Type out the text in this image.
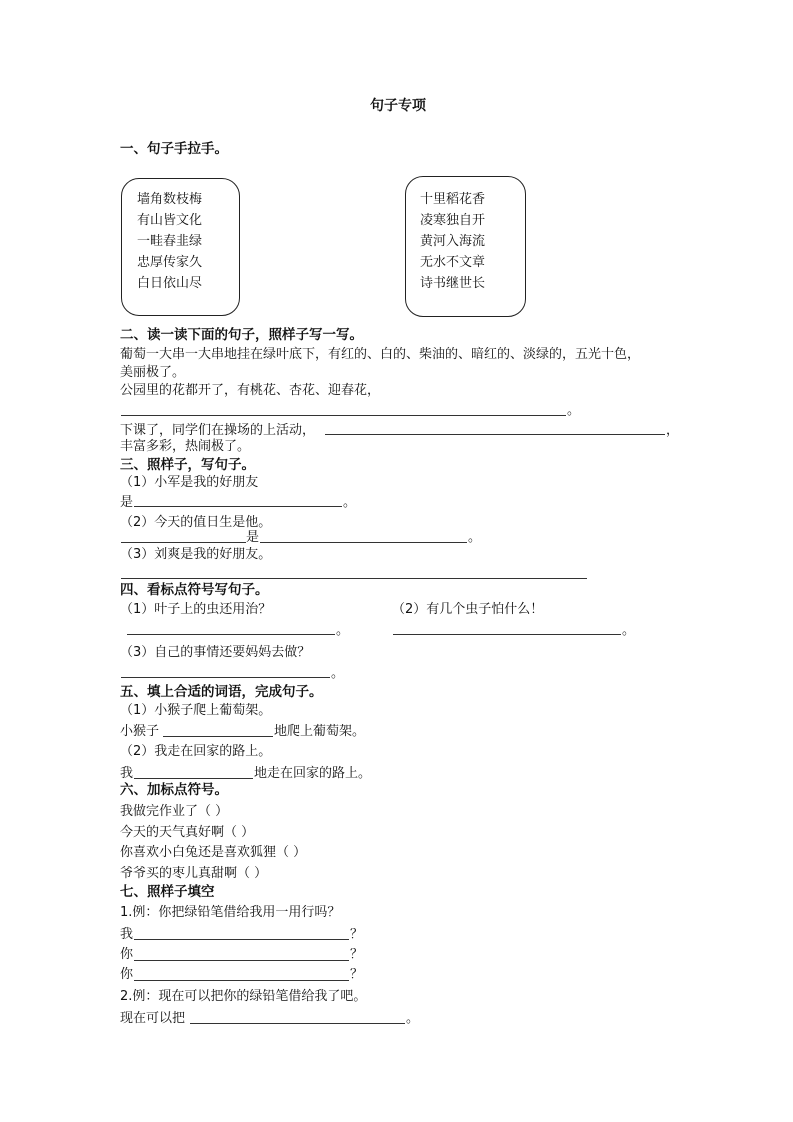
句子专项
一、句子手拉手。
墙角数枝梅
有山皆文化
一畦春韭绿
忠厚传家久
白日依山尽
十里稻花香
凌寒独自开
黄河入海流
无水不文章
诗书继世长
二、读一读下面的句子，照样子写一写。
葡萄一大串一大串地挂在绿叶底下，有红的、白的、柴油的、暗红的、淡绿的，五光十色，
美丽极了。
公园里的花都开了，有桃花、杏花、迎春花，
。
下课了，同学们在操场的上活动，	，
丰富多彩，热闹极了。
三、照样子，写句子。
（1）小军是我的好朋友
是	。
（2）今天的值日生是他。
是	。
（3）刘爽是我的好朋友。
四、看标点符号写句子。
（1）叶子上的虫还用治？	（2）有几个虫子怕什么！
。	。
（3）自己的事情还要妈妈去做？
。
五、填上合适的词语，完成句子。
（1）小猴子爬上葡萄架。
小猴子	地爬上葡萄架。
（2）我走在回家的路上。
我	地走在回家的路上。
六、加标点符号。
我做完作业了（ ）
今天的天气真好啊（ ）
你喜欢小白兔还是喜欢狐狸（ ）
爷爷买的枣儿真甜啊（ ）
七、照样子填空
1.例：你把绿铅笔借给我用一用行吗？
我	？
你	？
你	？
2.例：现在可以把你的绿铅笔借给我了吧。
现在可以把	。
